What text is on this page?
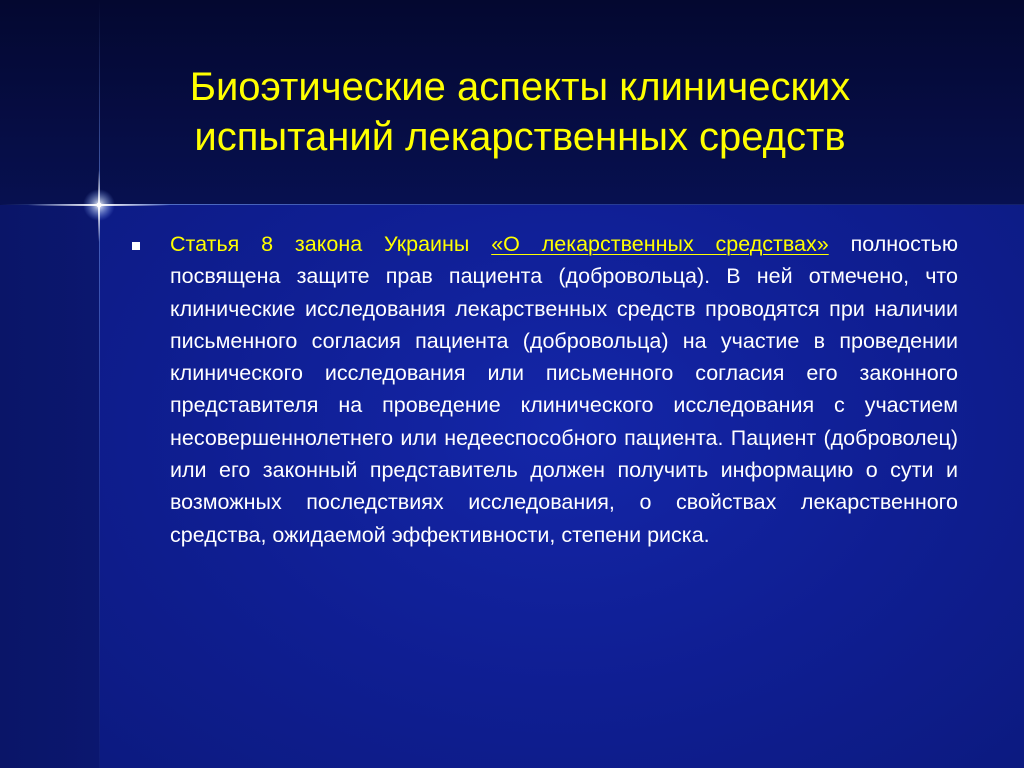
Биоэтические аспекты клинических испытаний лекарственных средств

Статья 8 закона Украины «О лекарственных средствах» полностью посвящена защите прав пациента (добровольца). В ней отмечено, что клинические исследования лекарственных средств проводятся при наличии письменного согласия пациента (добровольца) на участие в проведении клинического исследования или письменного согласия его законного представителя на проведение клинического исследования с участием несовершеннолетнего или недееспособного пациента. Пациент (доброволец) или его законный представитель должен получить информацию о сути и возможных последствиях исследования, о свойствах лекарственного средства, ожидаемой эффективности, степени риска.
